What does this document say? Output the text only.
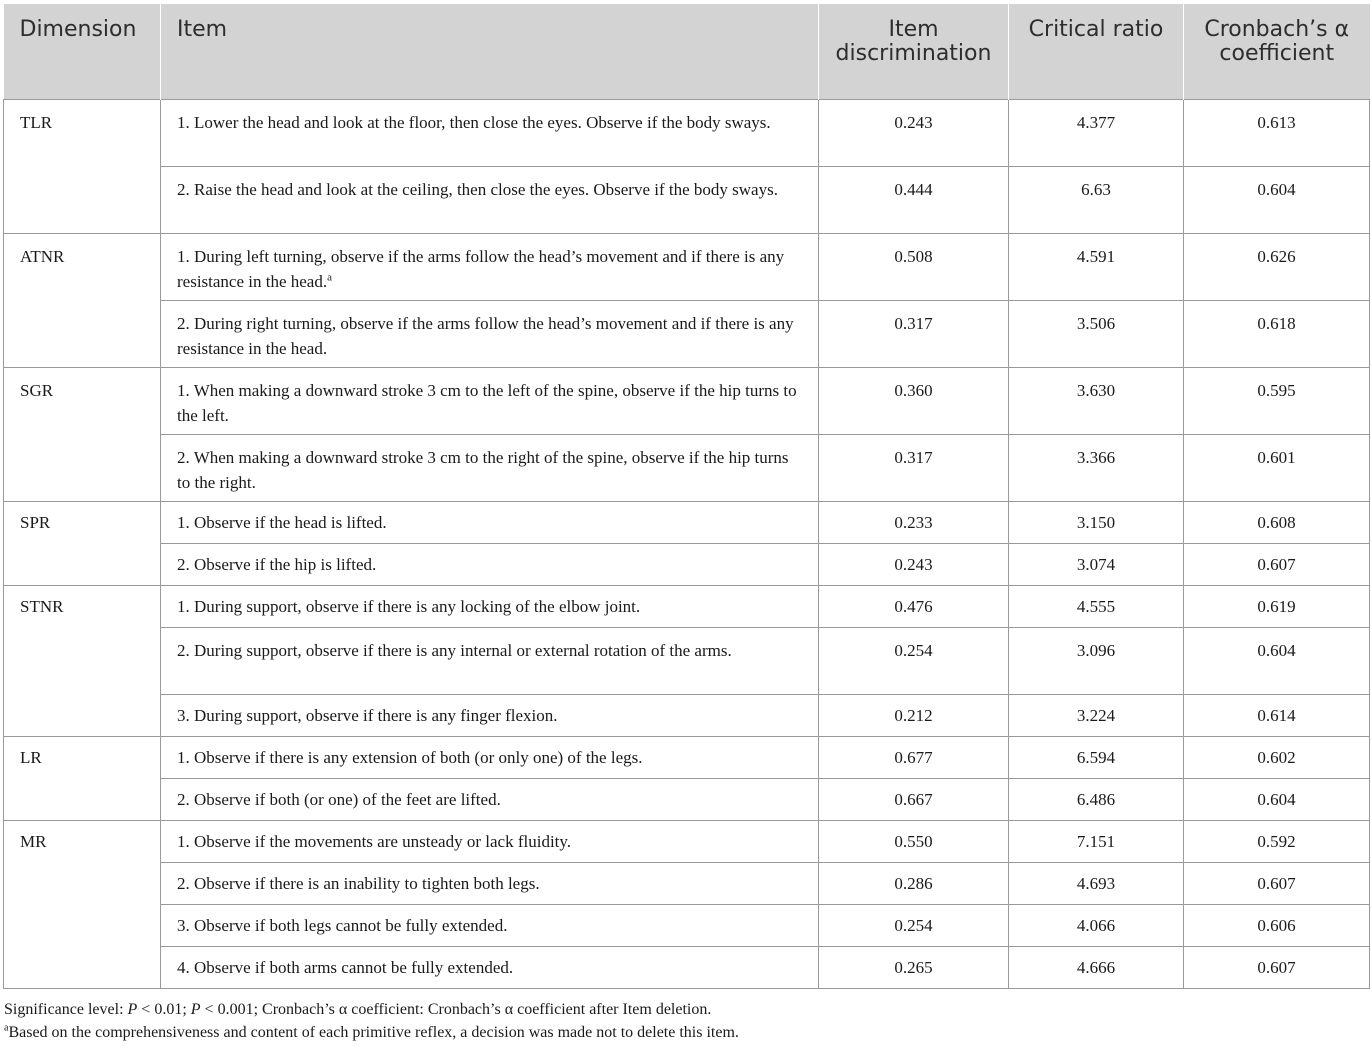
Dimension	Item	Item discrimination	Critical ratio	Cronbach’s α coefficient
TLR	1. Lower the head and look at the floor, then close the eyes. Observe if the body sways.	0.243	4.377	0.613
	2. Raise the head and look at the ceiling, then close the eyes. Observe if the body sways.	0.444	6.63	0.604
ATNR	1. During left turning, observe if the arms follow the head’s movement and if there is any resistance in the head.$^a$	0.508	4.591	0.626
	2. During right turning, observe if the arms follow the head’s movement and if there is any resistance in the head.	0.317	3.506	0.618
SGR	1. When making a downward stroke 3 cm to the left of the spine, observe if the hip turns to the left.	0.360	3.630	0.595
	2. When making a downward stroke 3 cm to the right of the spine, observe if the hip turns to the right.	0.317	3.366	0.601
SPR	1. Observe if the head is lifted.	0.233	3.150	0.608
	2. Observe if the hip is lifted.	0.243	3.074	0.607
STNR	1. During support, observe if there is any locking of the elbow joint.	0.476	4.555	0.619
	2. During support, observe if there is any internal or external rotation of the arms.	0.254	3.096	0.604
	3. During support, observe if there is any finger flexion.	0.212	3.224	0.614
LR	1. Observe if there is any extension of both (or only one) of the legs.	0.677	6.594	0.602
	2. Observe if both (or one) of the feet are lifted.	0.667	6.486	0.604
MR	1. Observe if the movements are unsteady or lack fluidity.	0.550	7.151	0.592
	2. Observe if there is an inability to tighten both legs.	0.286	4.693	0.607
	3. Observe if both legs cannot be fully extended.	0.254	4.066	0.606
	4. Observe if both arms cannot be fully extended.	0.265	4.666	0.607
Significance level: P < 0.01; P < 0.001; Cronbach’s α coefficient: Cronbach’s α coefficient after Item deletion.
$^a$Based on the comprehensiveness and content of each primitive reflex, a decision was made not to delete this item.
